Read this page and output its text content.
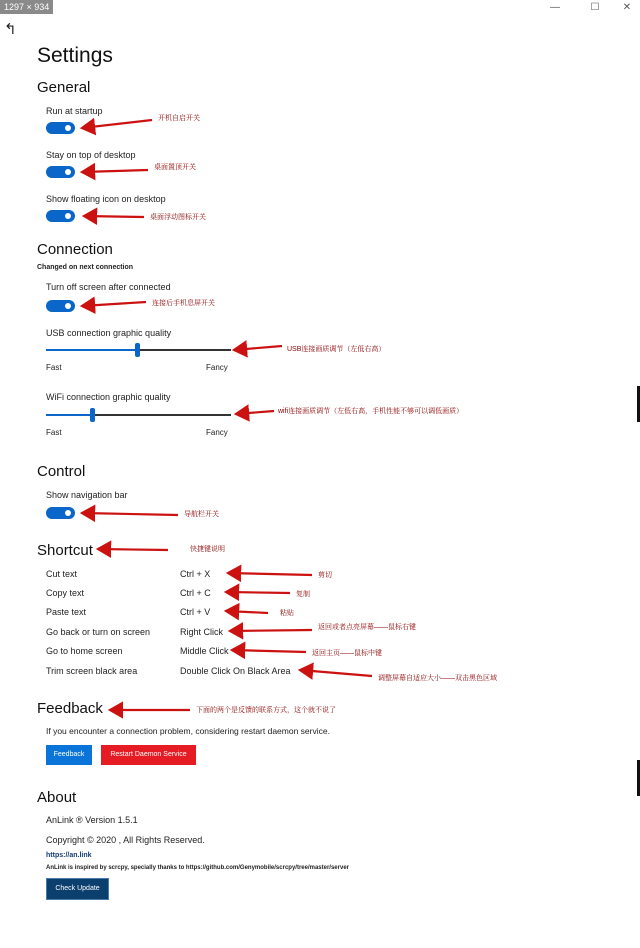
1297 × 934	—	☐	✕
↰
Settings
General
Run at startup
开机自启开关
Stay on top of desktop
桌面置顶开关
Show floating icon on desktop
桌面浮动图标开关
Connection
Changed on next connection
Turn off screen after connected
连接后手机息屏开关
USB connection graphic quality
Fast	Fancy
USB连接画质调节（左低右高）
WiFi connection graphic quality
Fast	Fancy
wifi连接画质调节（左低右高，手机性能不够可以调低画质）
Control
Show navigation bar
导航栏开关
Shortcut	快捷键说明
Cut text	Ctrl + X	剪切
Copy text	Ctrl + C	复制
Paste text	Ctrl + V	粘贴
Go back or turn on screen	Right Click	返回或者点亮屏幕——鼠标右键
Go to home screen	Middle Click	返回主页——鼠标中键
Trim screen black area	Double Click On Black Area
调整屏幕自适应大小——双击黑色区域
Feedback	下面的两个是反馈的联系方式，这个就不说了
If you encounter a connection problem, considering restart daemon service.
Feedback	Restart Daemon Service
About
AnLink ® Version 1.5.1
Copyright © 2020 , All Rights Reserved.
https://an.link
AnLink is inspired by scrcpy, specially thanks to https://github.com/Genymobile/scrcpy/tree/master/server
Check Update
